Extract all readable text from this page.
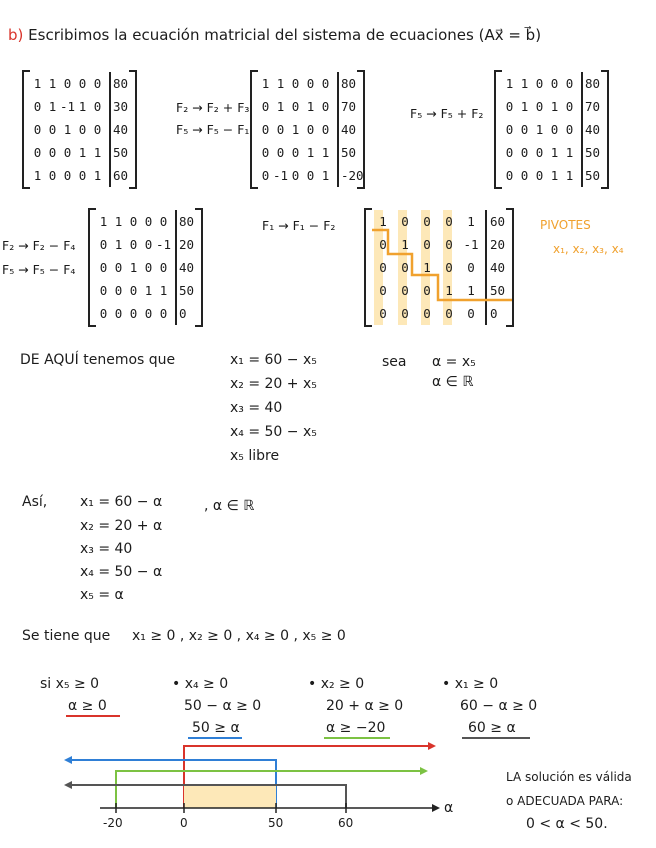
b) Escribimos la ecuación matricial del sistema de ecuaciones (Ax⃗ = b⃗)
1 1 0 0 0 80
0 1 -1 1 0 30
0 0 1 0 0 40
0 0 0 1 1 50
1 0 0 0 1 60
F₂ → F₂ + F₃
F₅ → F₅ − F₁
1 1 0 0 0 80
0 1 0 1 0 70
0 0 1 0 0 40
0 0 0 1 1 50
0 -1 0 0 1 -20
F₅ → F₅ + F₂
1 1 0 0 0 80
0 1 0 1 0 70
0 0 1 0 0 40
0 0 0 1 1 50
0 0 0 1 1 50
F₂ → F₂ − F₄
F₅ → F₅ − F₄
1 1 0 0 0 80
0 1 0 0 -1 20
0 0 1 0 0 40
0 0 0 1 1 50
0 0 0 0 0 0
F₁ → F₁ − F₂	1	0	0	0	1	60
0	1	0	0 -1 20
0	0	1	0	0	40
0	0	0	1	1	50
0	0	0	0	0	0
PIVOTES
x₁, x₂, x₃, x₄
DE AQUÍ tenemos que	x₁ = 60 − x₅
x₂ = 20 + x₅
x₃ = 40
x₄ = 50 − x₅
x₅ libre
sea α = x₅
α ∈ ℝ
Así, x₁ = 60 − α
x₂ = 20 + α
x₃ = 40
x₄ = 50 − α
x₅ = α
, α ∈ ℝ
Se tiene que x₁ ≥ 0 , x₂ ≥ 0 , x₄ ≥ 0 , x₅ ≥ 0
si x₅ ≥ 0
α ≥ 0
• x₄ ≥ 0
50 − α ≥ 0
50 ≥ α
• x₂ ≥ 0
20 + α ≥ 0
α ≥ −20
• x₁ ≥ 0
60 − α ≥ 0
60 ≥ α
-20	0	50	60
α
LA solución es válida
o ADECUADA PARA:
0 < α < 50.
